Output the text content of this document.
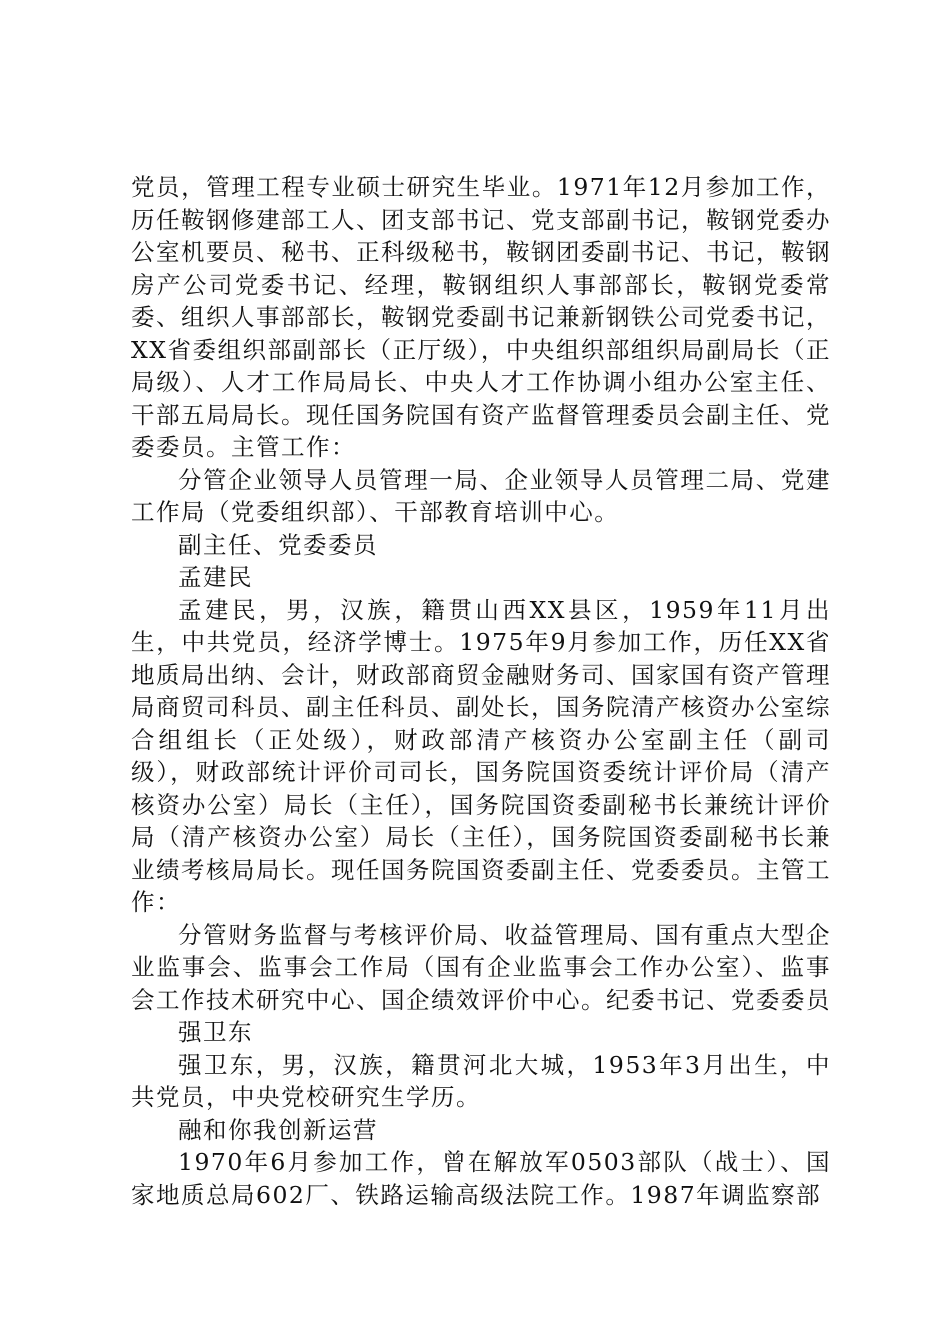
党员，管理工程专业硕士研究生毕业。1971年12月参加工作，历任鞍钢修建部工人、团支部书记、党支部副书记，鞍钢党委办公室机要员、秘书、正科级秘书，鞍钢团委副书记、书记，鞍钢房产公司党委书记、经理，鞍钢组织人事部部长，鞍钢党委常委、组织人事部部长，鞍钢党委副书记兼新钢铁公司党委书记，XX省委组织部副部长（正厅级），中央组织部组织局副局长（正局级）、人才工作局局长、中央人才工作协调小组办公室主任、干部五局局长。现任国务院国有资产监督管理委员会副主任、党委委员。主管工作：

分管企业领导人员管理一局、企业领导人员管理二局、党建工作局（党委组织部）、干部教育培训中心。

副主任、党委委员

孟建民

孟建民，男，汉族，籍贯山西XX县区，1959年11月出生，中共党员，经济学博士。1975年9月参加工作，历任XX省地质局出纳、会计，财政部商贸金融财务司、国家国有资产管理局商贸司科员、副主任科员、副处长，国务院清产核资办公室综合组组长（正处级），财政部清产核资办公室副主任（副司级），财政部统计评价司司长，国务院国资委统计评价局（清产核资办公室）局长（主任），国务院国资委副秘书长兼统计评价局（清产核资办公室）局长（主任），国务院国资委副秘书长兼业绩考核局局长。现任国务院国资委副主任、党委委员。主管工作：

分管财务监督与考核评价局、收益管理局、国有重点大型企业监事会、监事会工作局（国有企业监事会工作办公室）、监事会工作技术研究中心、国企绩效评价中心。纪委书记、党委委员

强卫东

强卫东，男，汉族，籍贯河北大城，1953年3月出生，中共党员，中央党校研究生学历。

融和你我创新运营

1970年6月参加工作，曾在解放军0503部队（战士）、国家地质总局602厂、铁路运输高级法院工作。1987年调监察部
